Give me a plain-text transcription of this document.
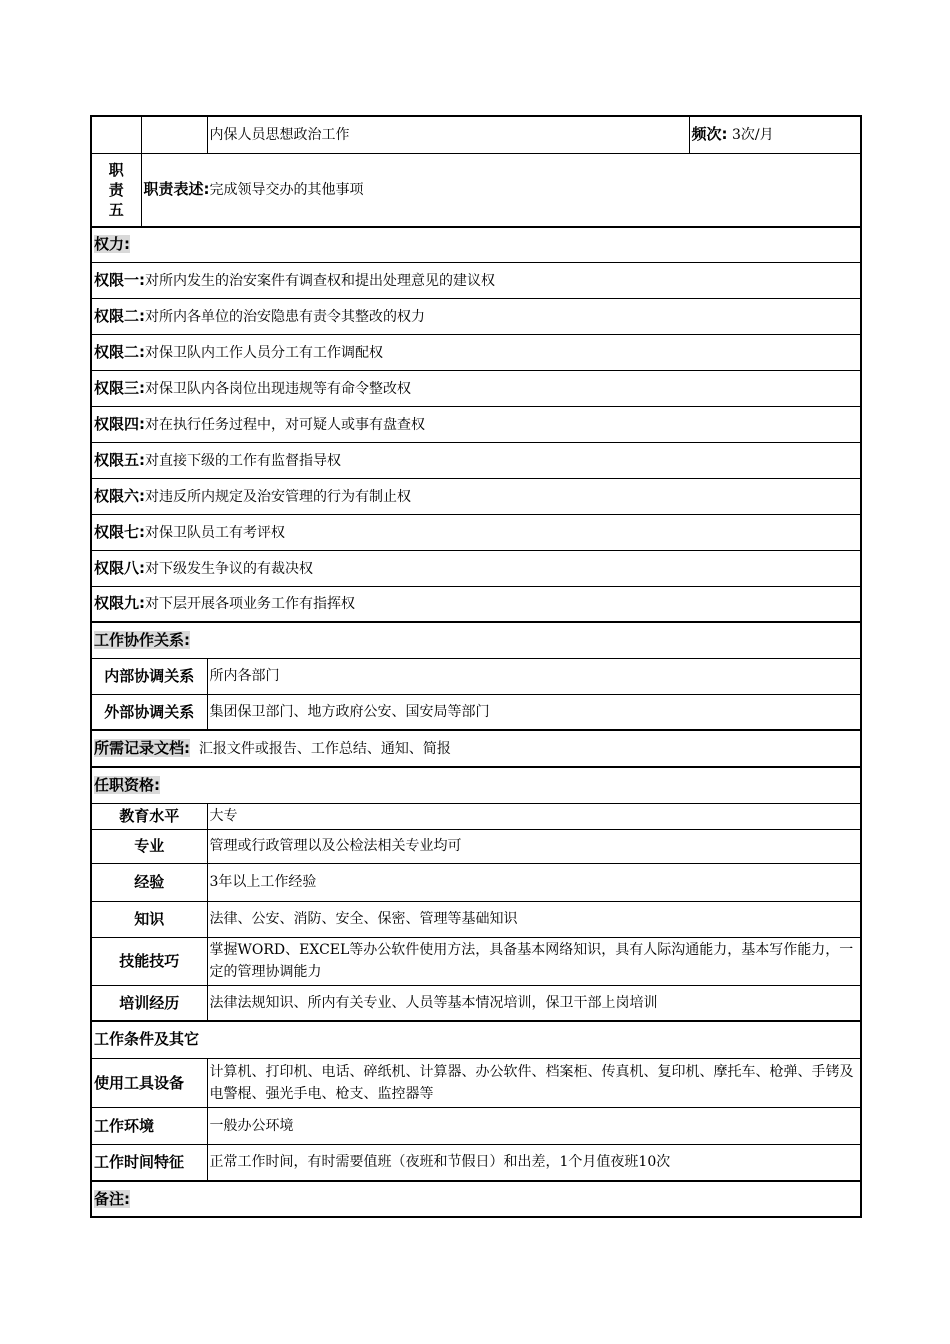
		内保人员思想政治工作	频次: 3次/月

职
责
五	职责表述:完成领导交办的其他事项		
权力:			
权限一:对所内发生的治安案件有调查权和提出处理意见的建议权			
权限二:对所内各单位的治安隐患有责令其整改的权力			
权限二:对保卫队内工作人员分工有工作调配权			
权限三:对保卫队内各岗位出现违规等有命令整改权			
权限四:对在执行任务过程中，对可疑人或事有盘查权			
权限五:对直接下级的工作有监督指导权			
权限六:对违反所内规定及治安管理的行为有制止权			
权限七:对保卫队员工有考评权			
权限八:对下级发生争议的有裁决权			
权限九:对下层开展各项业务工作有指挥权			
工作协作关系:			
内部协调关系		所内各部门	
外部协调关系		集团保卫部门、地方政府公安、国安局等部门	
所需记录文档: 汇报文件或报告、工作总结、通知、简报			
任职资格:			
教育水平		大专	
专业		管理或行政管理以及公检法相关专业均可	
经验		3年以上工作经验	
知识		法律、公安、消防、安全、保密、管理等基础知识	
技能技巧		掌握WORD、EXCEL等办公软件使用方法，具备基本网络知识，具有人际沟通能力，基本写作能力，一定的管理协调能力	
培训经历		法律法规知识、所内有关专业、人员等基本情况培训，保卫干部上岗培训	
工作条件及其它			
使用工具设备		计算机、打印机、电话、碎纸机、计算器、办公软件、档案柜、传真机、复印机、摩托车、枪弹、手铐及电警棍、强光手电、枪支、监控器等	
工作环境		一般办公环境	
工作时间特征		正常工作时间，有时需要值班（夜班和节假日）和出差，1个月值夜班10次	
备注:			
